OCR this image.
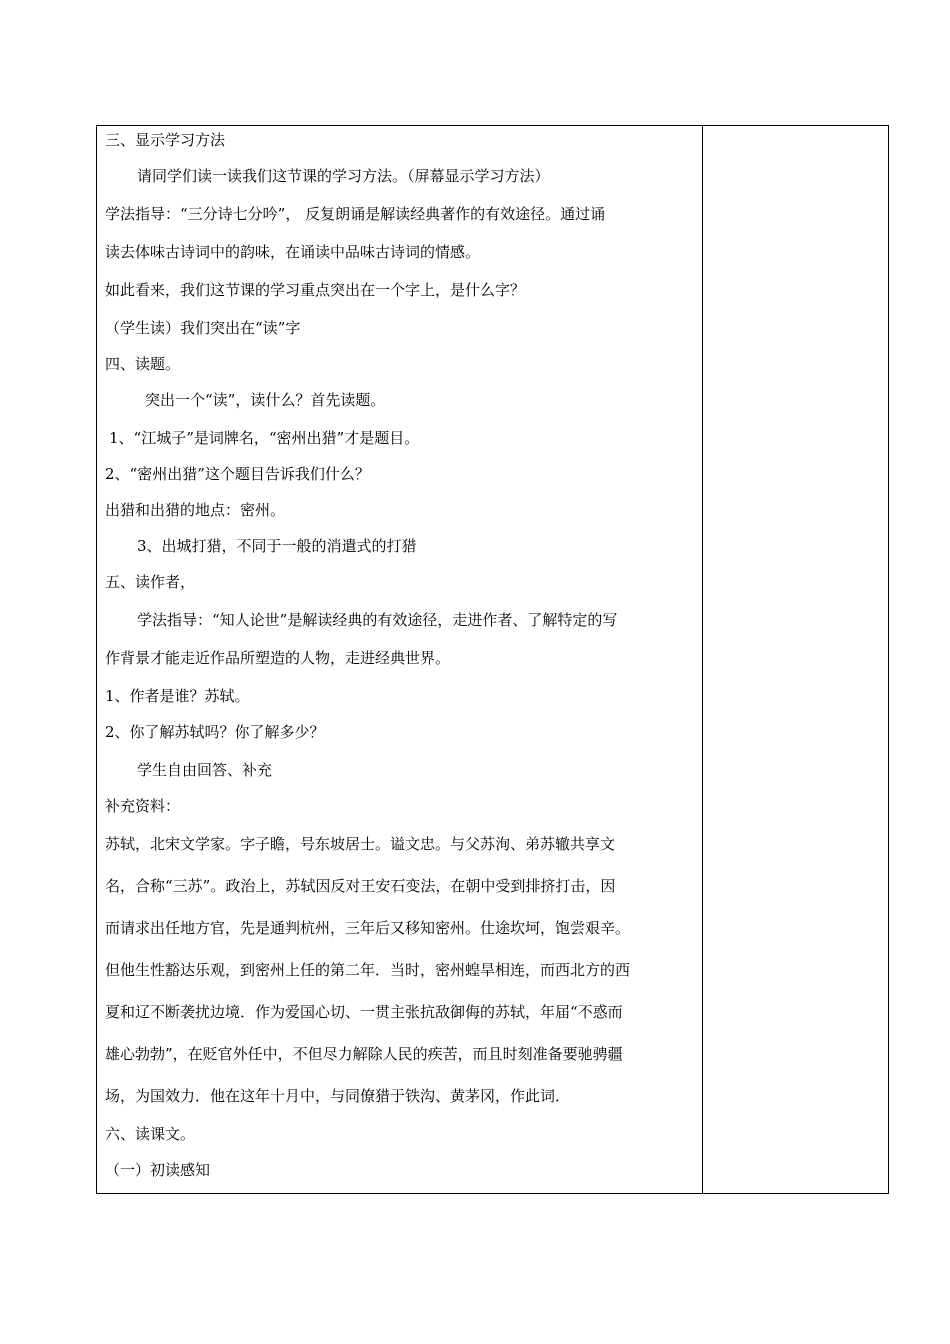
三、显示学习方法
请同学们读一读我们这节课的学习方法。（屏幕显示学习方法）
学法指导：“三分诗七分吟”， 反复朗诵是解读经典著作的有效途径。通过诵
读去体味古诗词中的韵味，在诵读中品味古诗词的情感。
如此看来，我们这节课的学习重点突出在一个字上，是什么字？
（学生读）我们突出在“读”字
四、读题。
突出一个“读”，读什么？首先读题。
1、“江城子”是词牌名，“密州出猎”才是题目。
2、“密州出猎”这个题目告诉我们什么？
出猎和出猎的地点：密州。
3、出城打猎，不同于一般的消遣式的打猎
五、读作者，
学法指导：“知人论世”是解读经典的有效途径，走进作者、了解特定的写
作背景才能走近作品所塑造的人物，走进经典世界。
1、作者是谁？苏轼。
2、你了解苏轼吗？你了解多少？
学生自由回答、补充
补充资料：
苏轼，北宋文学家。字子瞻，号东坡居士。谥文忠。与父苏洵、弟苏辙共享文
名，合称“三苏”。政治上，苏轼因反对王安石变法，在朝中受到排挤打击，因
而请求出任地方官，先是通判杭州，三年后又移知密州。仕途坎坷，饱尝艰辛。
但他生性豁达乐观，到密州上任的第二年．当时，密州蝗旱相连，而西北方的西
夏和辽不断袭扰边境．作为爱国心切、一贯主张抗敌御侮的苏轼，年届“不惑而
雄心勃勃”，在贬官外任中，不但尽力解除人民的疾苦，而且时刻准备要驰骋疆
场，为国效力．他在这年十月中，与同僚猎于铁沟、黄茅冈，作此词．
六、读课文。
（一）初读感知
